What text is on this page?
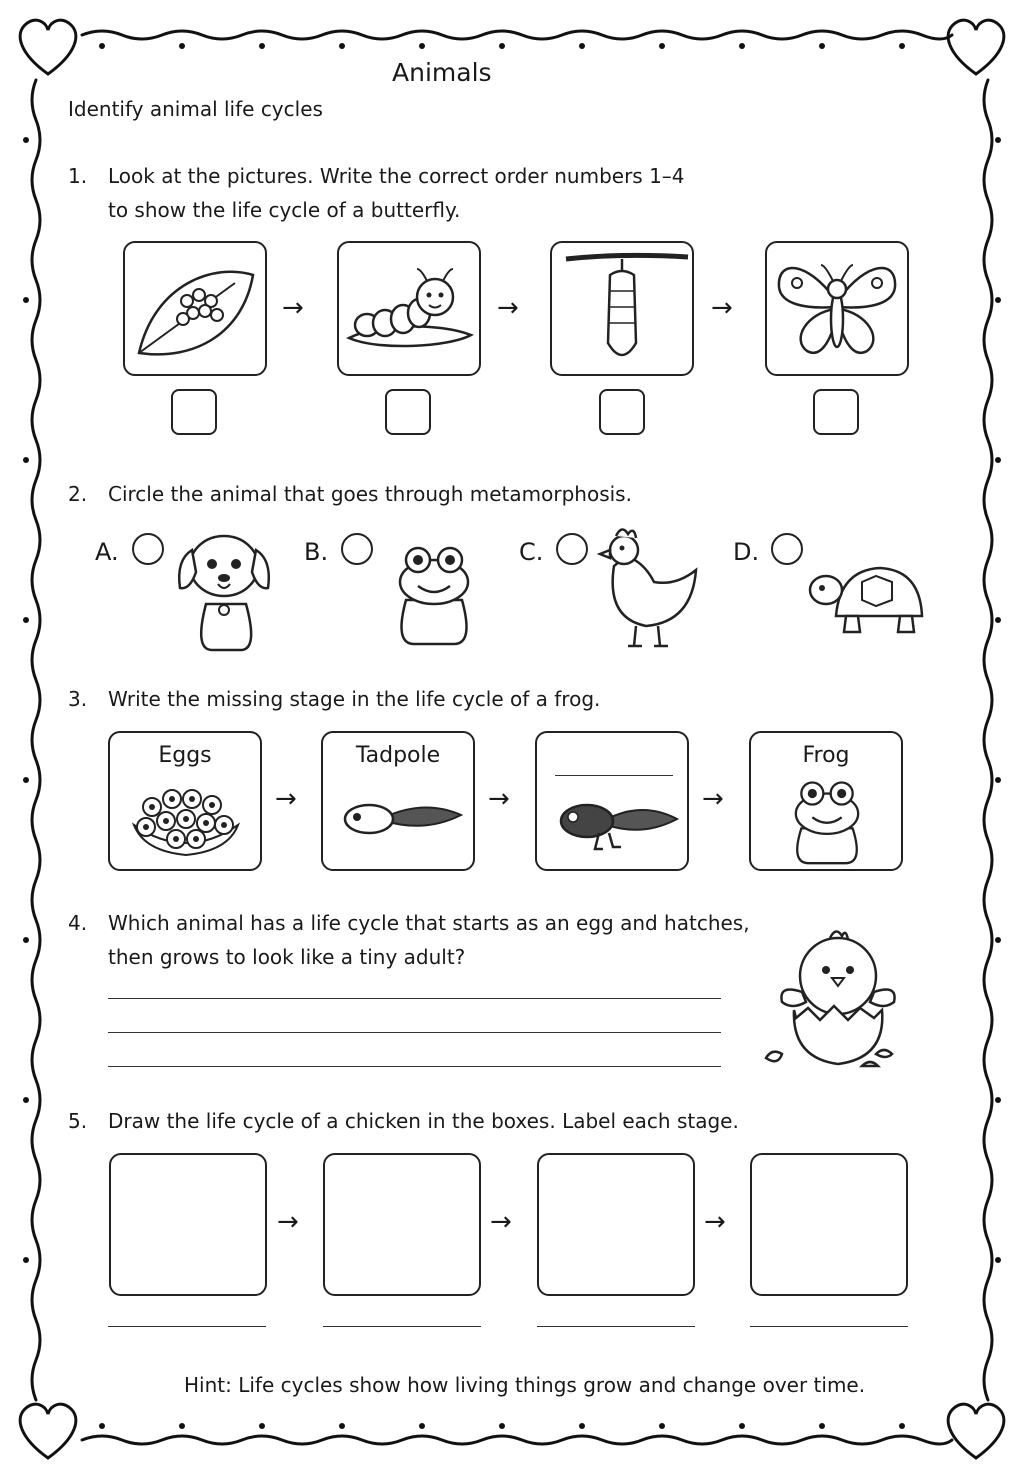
Animals
Identify animal life cycles
1. Look at the pictures. Write the correct order numbers 1–4
to show the life cycle of a butterfly.
→	→	→
2. Circle the animal that goes through metamorphosis.
A.	B.	C.	D.
3. Write the missing stage in the life cycle of a frog.
Eggs
→
Tadpole
→	→
Frog
4. Which animal has a life cycle that starts as an egg and hatches,
then grows to look like a tiny adult?
5. Draw the life cycle of a chicken in the boxes. Label each stage.
→	→	→
Hint: Life cycles show how living things grow and change over time.
